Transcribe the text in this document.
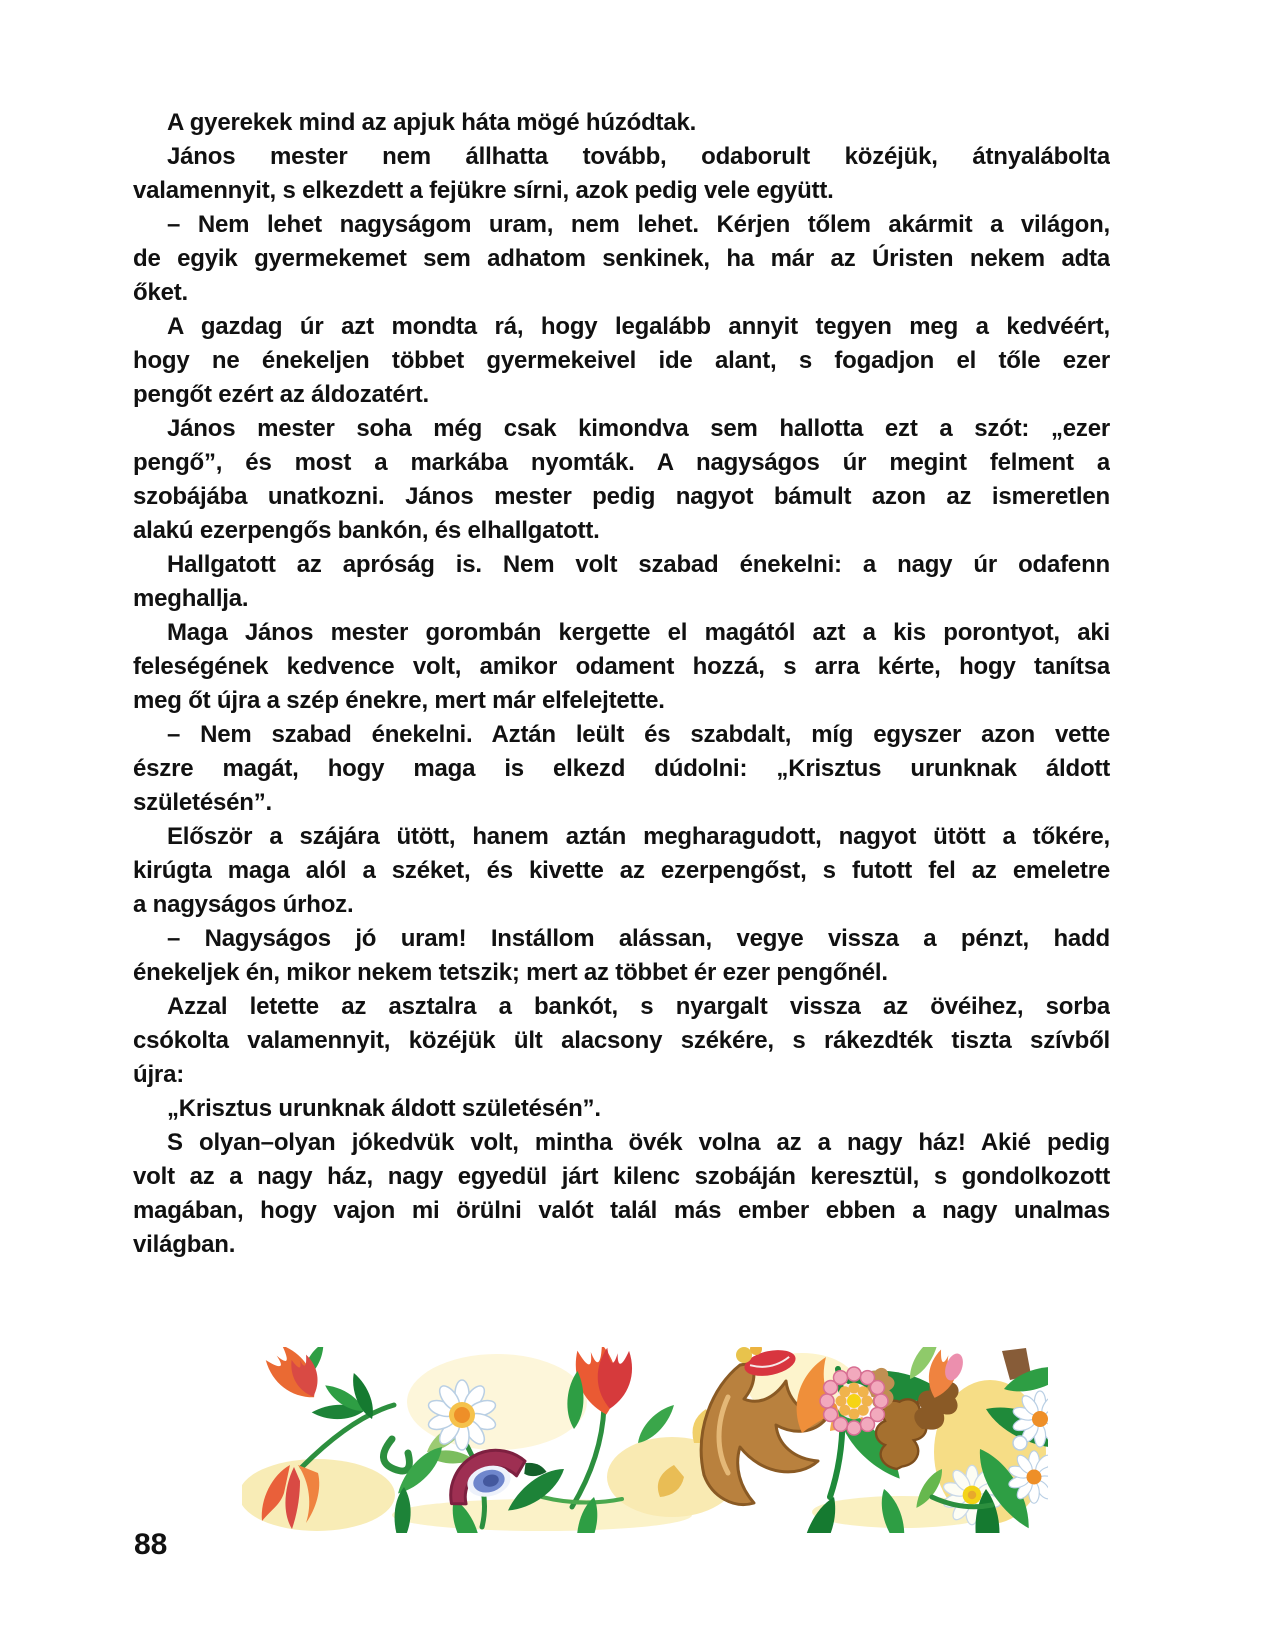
A gyerekek mind az apjuk háta mögé húzódtak.
János mester nem állhatta tovább, odaborult közéjük, átnyalábolta
valamennyit, s elkezdett a fejükre sírni, azok pedig vele együtt.
– Nem lehet nagyságom uram, nem lehet. Kérjen tőlem akármit a világon,
de egyik gyermekemet sem adhatom senkinek, ha már az Úristen nekem adta
őket.
A gazdag úr azt mondta rá, hogy legalább annyit tegyen meg a kedvéért,
hogy ne énekeljen többet gyermekeivel ide alant, s fogadjon el tőle ezer
pengőt ezért az áldozatért.
János mester soha még csak kimondva sem hallotta ezt a szót: „ezer
pengő”, és most a markába nyomták. A nagyságos úr megint felment a
szobájába unatkozni. János mester pedig nagyot bámult azon az ismeretlen
alakú ezerpengős bankón, és elhallgatott.
Hallgatott az apróság is. Nem volt szabad énekelni: a nagy úr odafenn
meghallja.
Maga János mester gorombán kergette el magától azt a kis porontyot, aki
feleségének kedvence volt, amikor odament hozzá, s arra kérte, hogy tanítsa
meg őt újra a szép énekre, mert már elfelejtette.
– Nem szabad énekelni. Aztán leült és szabdalt, míg egyszer azon vette
észre magát, hogy maga is elkezd dúdolni: „Krisztus urunknak áldott
születésén”.
Először a szájára ütött, hanem aztán megharagudott, nagyot ütött a tőkére,
kirúgta maga alól a széket, és kivette az ezerpengőst, s futott fel az emeletre
a nagyságos úrhoz.
– Nagyságos jó uram! Instállom alássan, vegye vissza a pénzt, hadd
énekeljek én, mikor nekem tetszik; mert az többet ér ezer pengőnél.
Azzal letette az asztalra a bankót, s nyargalt vissza az övéihez, sorba
csókolta valamennyit, közéjük ült alacsony székére, s rákezdték tiszta szívből
újra:
„Krisztus urunknak áldott születésén”.
S olyan–olyan jókedvük volt, mintha övék volna az a nagy ház! Akié pedig
volt az a nagy ház, nagy egyedül járt kilenc szobáján keresztül, s gondolkozott
magában, hogy vajon mi örülni valót talál más ember ebben a nagy unalmas
világban.
88
